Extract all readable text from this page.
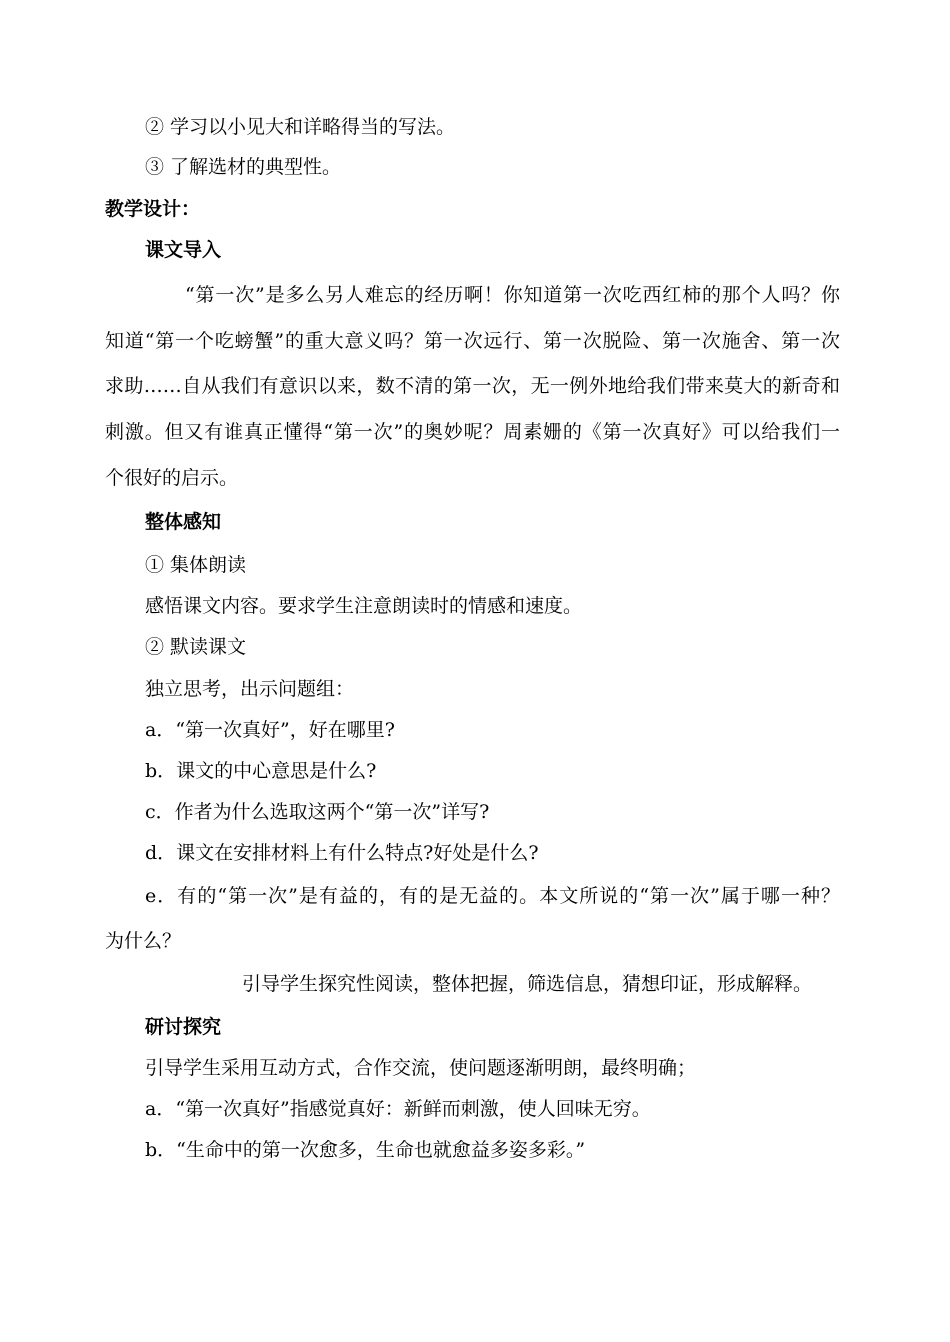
② 学习以小见大和详略得当的写法。
③ 了解选材的典型性。
教学设计：
课文导入
“第一次”是多么另人难忘的经历啊！你知道第一次吃西红柿的那个人吗？你
知道“第一个吃螃蟹”的重大意义吗？第一次远行、第一次脱险、第一次施舍、第一次
求助……自从我们有意识以来，数不清的第一次，无一例外地给我们带来莫大的新奇和
刺激。但又有谁真正懂得“第一次”的奥妙呢？周素姗的《第一次真好》可以给我们一
个很好的启示。
整体感知
① 集体朗读
感悟课文内容。要求学生注意朗读时的情感和速度。
② 默读课文
独立思考，出示问题组：
a．“第一次真好”，好在哪里?
b．课文的中心意思是什么?
c．作者为什么选取这两个“第一次”详写?
d．课文在安排材料上有什么特点?好处是什么?
e．有的“第一次”是有益的，有的是无益的。本文所说的“第一次”属于哪一种？
为什么？
引导学生探究性阅读，整体把握，筛选信息，猜想印证，形成解释。
研讨探究
引导学生采用互动方式，合作交流，使问题逐渐明朗，最终明确；
a．“第一次真好”指感觉真好：新鲜而刺激，使人回味无穷。
b．“生命中的第一次愈多，生命也就愈益多姿多彩。”
